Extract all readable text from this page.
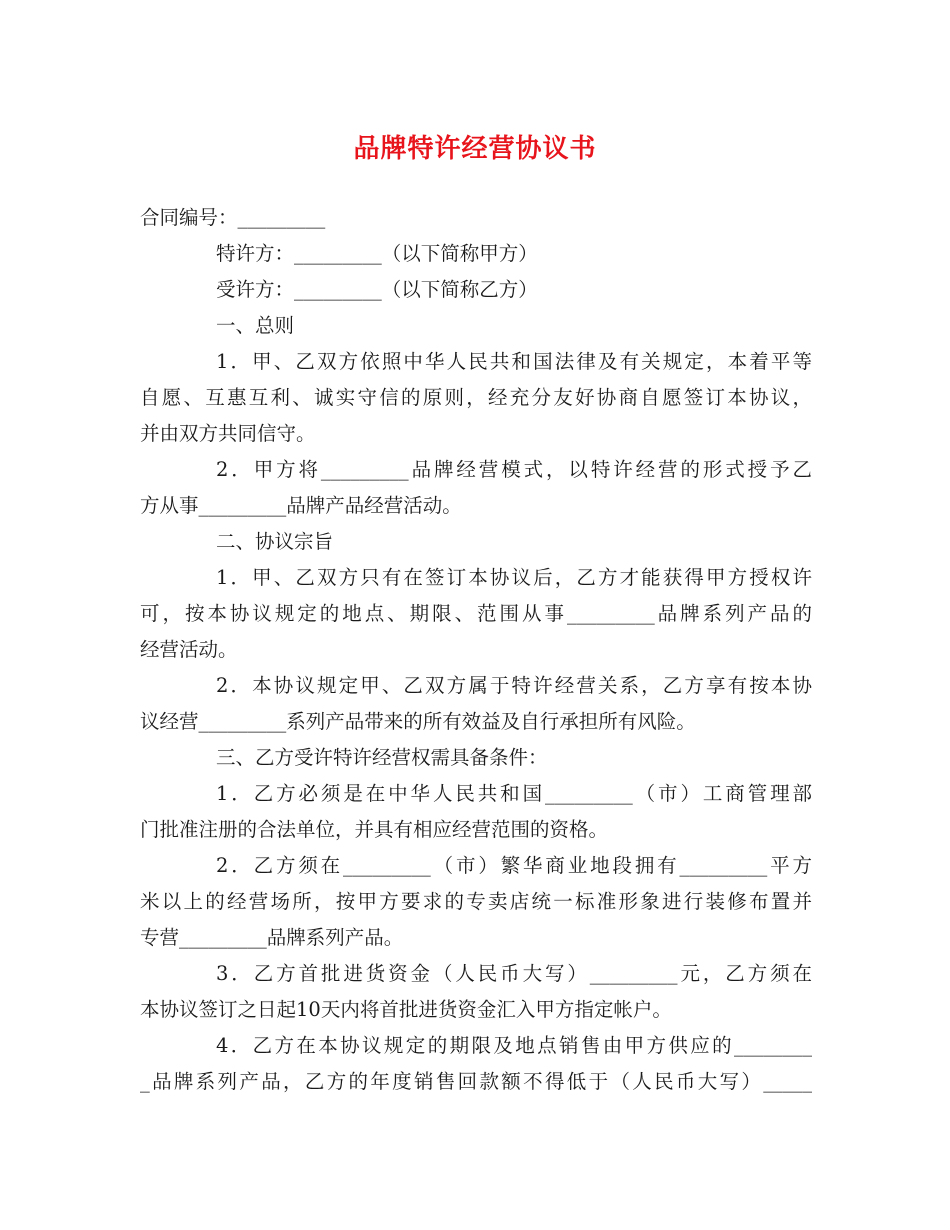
品牌特许经营协议书
合同编号：_________
特许方：_________（以下简称甲方）
受许方：_________（以下简称乙方）
一、总则
1．甲、乙双方依照中华人民共和国法律及有关规定，本着平等
自愿、互惠互利、诚实守信的原则，经充分友好协商自愿签订本协议，
并由双方共同信守。
2．甲方将_________品牌经营模式，以特许经营的形式授予乙
方从事_________品牌产品经营活动。
二、协议宗旨
1．甲、乙双方只有在签订本协议后，乙方才能获得甲方授权许
可，按本协议规定的地点、期限、范围从事_________品牌系列产品的
经营活动。
2．本协议规定甲、乙双方属于特许经营关系，乙方享有按本协
议经营_________系列产品带来的所有效益及自行承担所有风险。
三、乙方受许特许经营权需具备条件：
1．乙方必须是在中华人民共和国_________（市）工商管理部
门批准注册的合法单位，并具有相应经营范围的资格。
2．乙方须在_________（市）繁华商业地段拥有_________平方
米以上的经营场所，按甲方要求的专卖店统一标准形象进行装修布置并
专营_________品牌系列产品。
3．乙方首批进货资金（人民币大写）_________元，乙方须在
本协议签订之日起10天内将首批进货资金汇入甲方指定帐户。
4．乙方在本协议规定的期限及地点销售由甲方供应的________
_品牌系列产品，乙方的年度销售回款额不得低于（人民币大写）_____
